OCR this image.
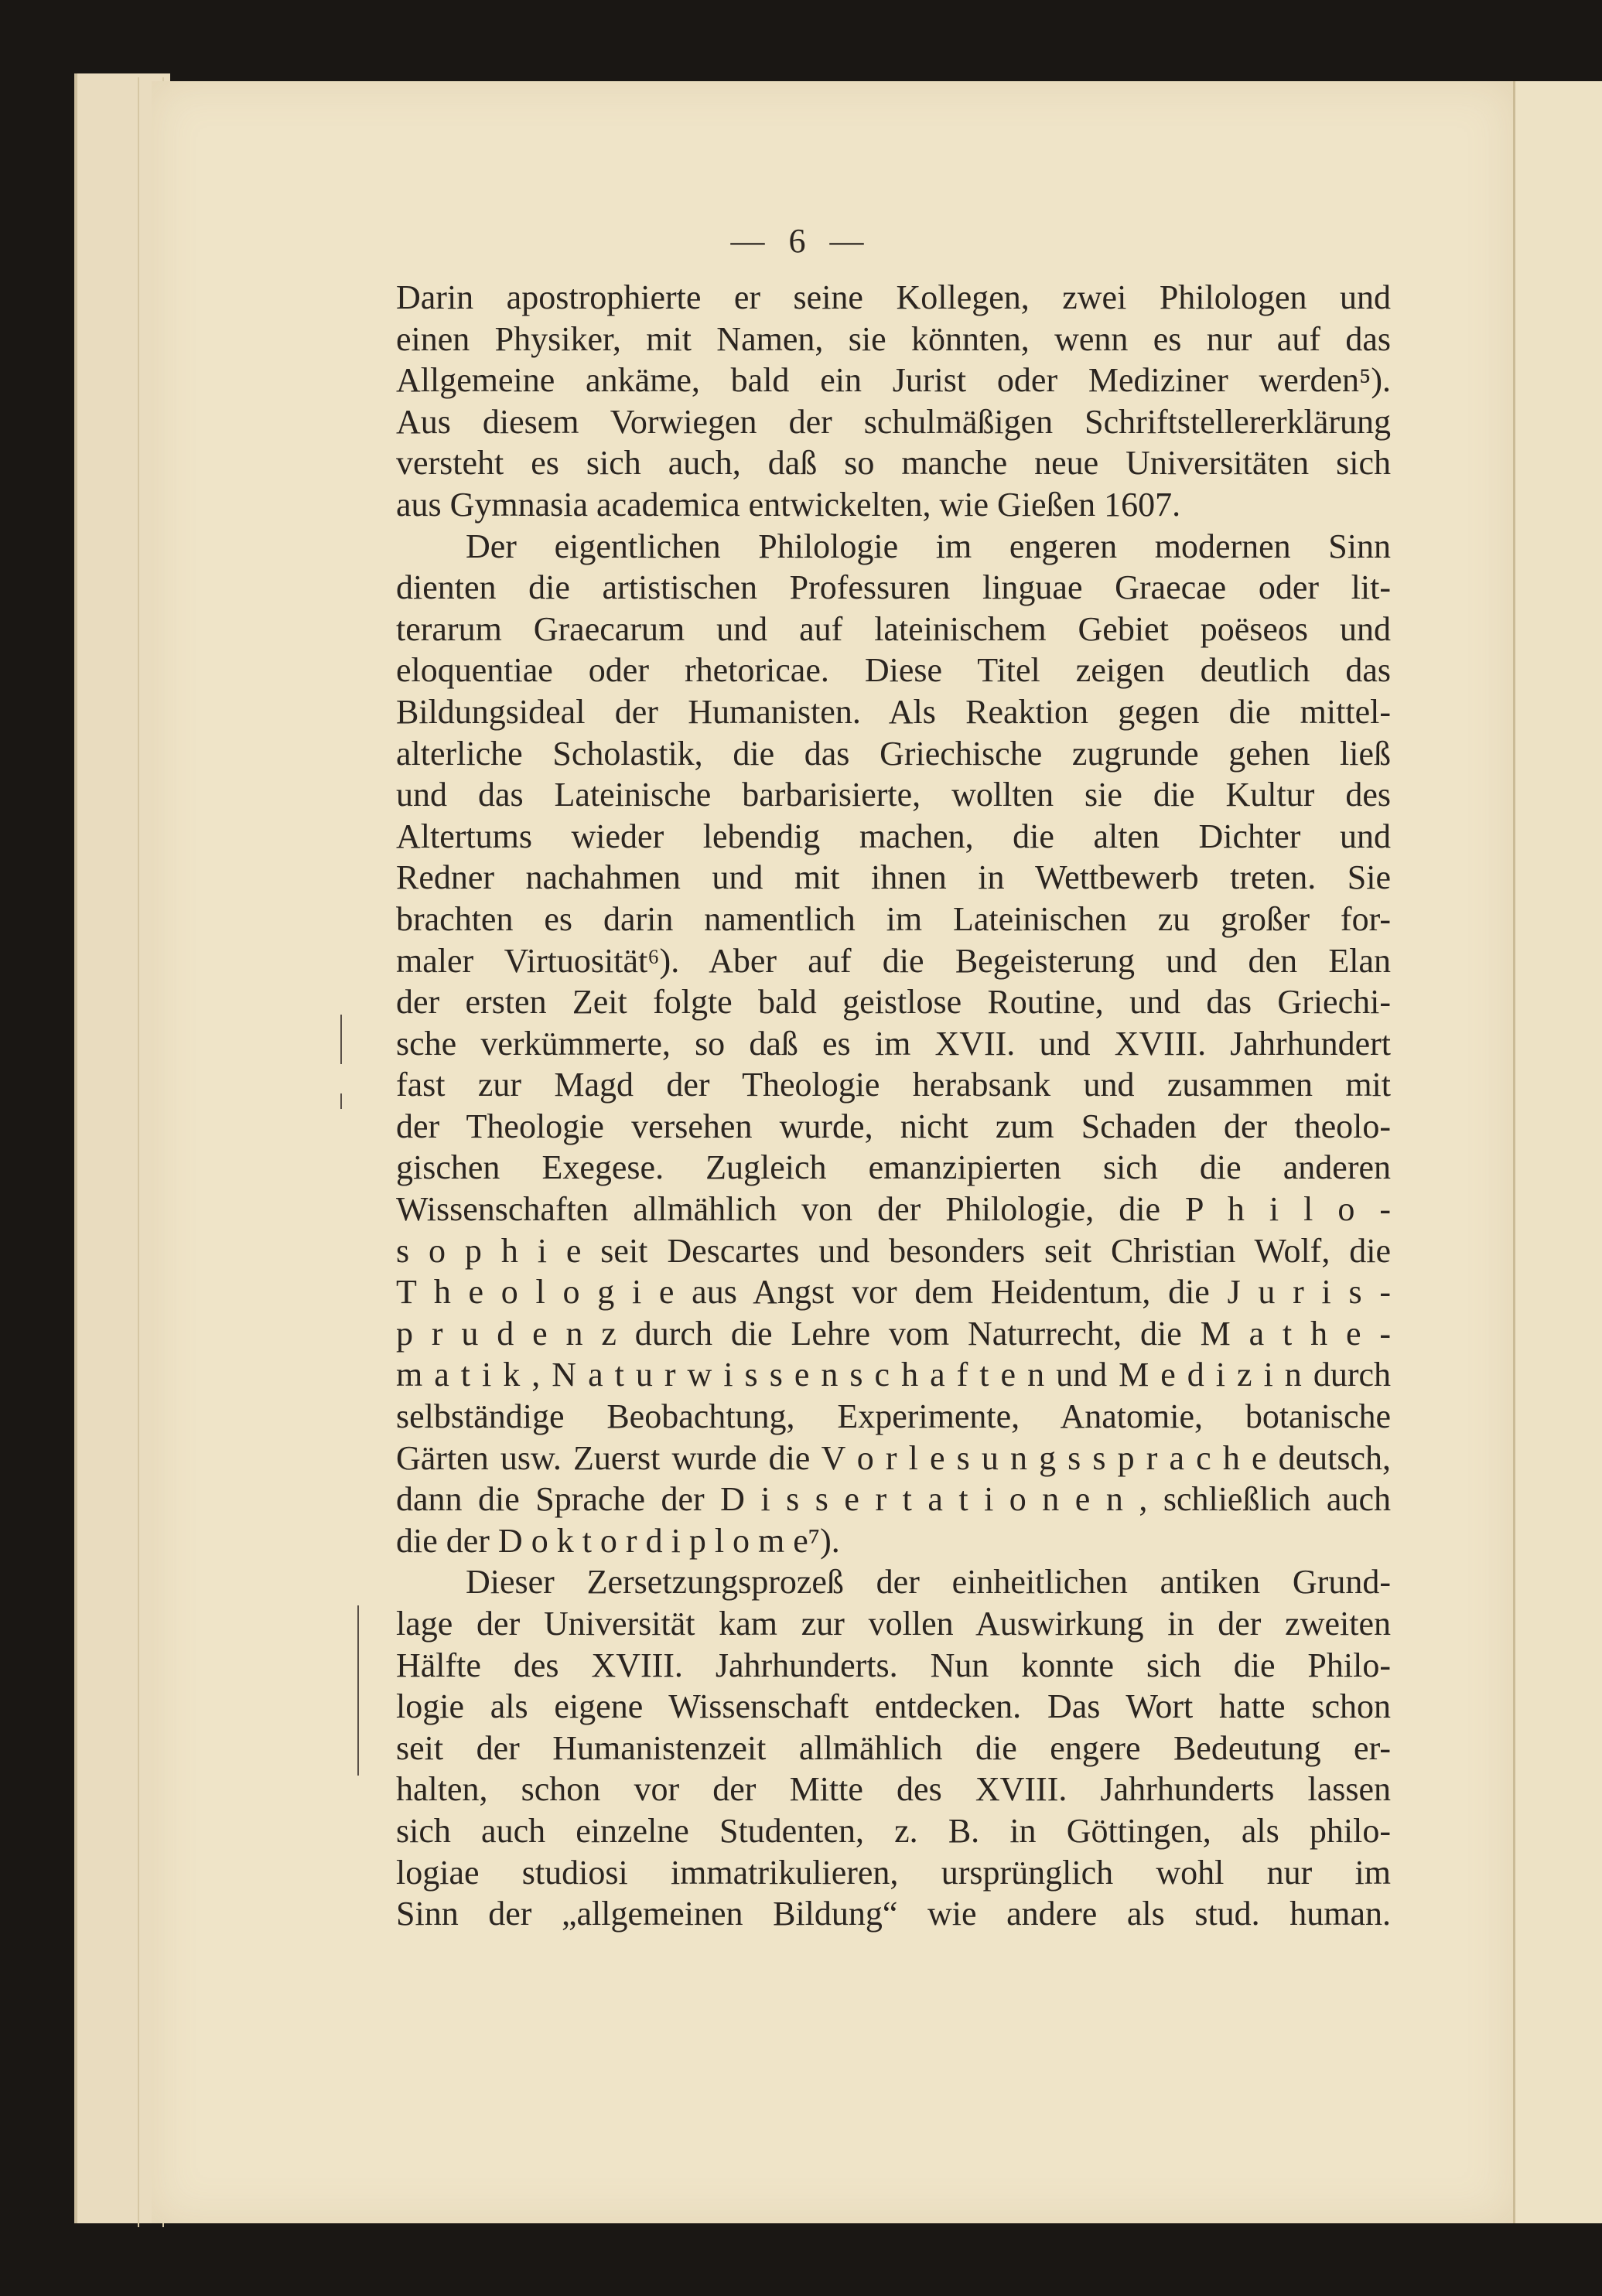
— 6 —
Darin apostrophierte er seine Kollegen, zwei Philologen und
einen Physiker, mit Namen, sie könnten, wenn es nur auf das
Allgemeine ankäme, bald ein Jurist oder Mediziner werden⁵).
Aus diesem Vorwiegen der schulmäßigen Schriftstellererklärung
versteht es sich auch, daß so manche neue Universitäten sich
aus Gymnasia academica entwickelten, wie Gießen 1607.
Der eigentlichen Philologie im engeren modernen Sinn
dienten die artistischen Professuren linguae Graecae oder lit-
terarum Graecarum und auf lateinischem Gebiet poëseos und
eloquentiae oder rhetoricae. Diese Titel zeigen deutlich das
Bildungsideal der Humanisten. Als Reaktion gegen die mittel-
alterliche Scholastik, die das Griechische zugrunde gehen ließ
und das Lateinische barbarisierte, wollten sie die Kultur des
Altertums wieder lebendig machen, die alten Dichter und
Redner nachahmen und mit ihnen in Wettbewerb treten. Sie
brachten es darin namentlich im Lateinischen zu großer for-
maler Virtuosität⁶). Aber auf die Begeisterung und den Elan
der ersten Zeit folgte bald geistlose Routine, und das Griechi-
sche verkümmerte, so daß es im XVII. und XVIII. Jahrhundert
fast zur Magd der Theologie herabsank und zusammen mit
der Theologie versehen wurde, nicht zum Schaden der theolo-
gischen Exegese. Zugleich emanzipierten sich die anderen
Wissenschaften allmählich von der Philologie, die P h i l o -
s o p h i e seit Descartes und besonders seit Christian Wolf, die
T h e o l o g i e aus Angst vor dem Heidentum, die J u r i s -
p r u d e n z durch die Lehre vom Naturrecht, die M a t h e -
m a t i k , N a t u r w i s s e n s c h a f t e n und M e d i z i n durch
selbständige Beobachtung, Experimente, Anatomie, botanische
Gärten usw. Zuerst wurde die V o r l e s u n g s s p r a c h e deutsch,
dann die Sprache der D i s s e r t a t i o n e n , schließlich auch
die der D o k t o r d i p l o m e⁷).
Dieser Zersetzungsprozeß der einheitlichen antiken Grund-
lage der Universität kam zur vollen Auswirkung in der zweiten
Hälfte des XVIII. Jahrhunderts. Nun konnte sich die Philo-
logie als eigene Wissenschaft entdecken. Das Wort hatte schon
seit der Humanistenzeit allmählich die engere Bedeutung er-
halten, schon vor der Mitte des XVIII. Jahrhunderts lassen
sich auch einzelne Studenten, z. B. in Göttingen, als philo-
logiae studiosi immatrikulieren, ursprünglich wohl nur im
Sinn der „allgemeinen Bildung“ wie andere als stud. human.
